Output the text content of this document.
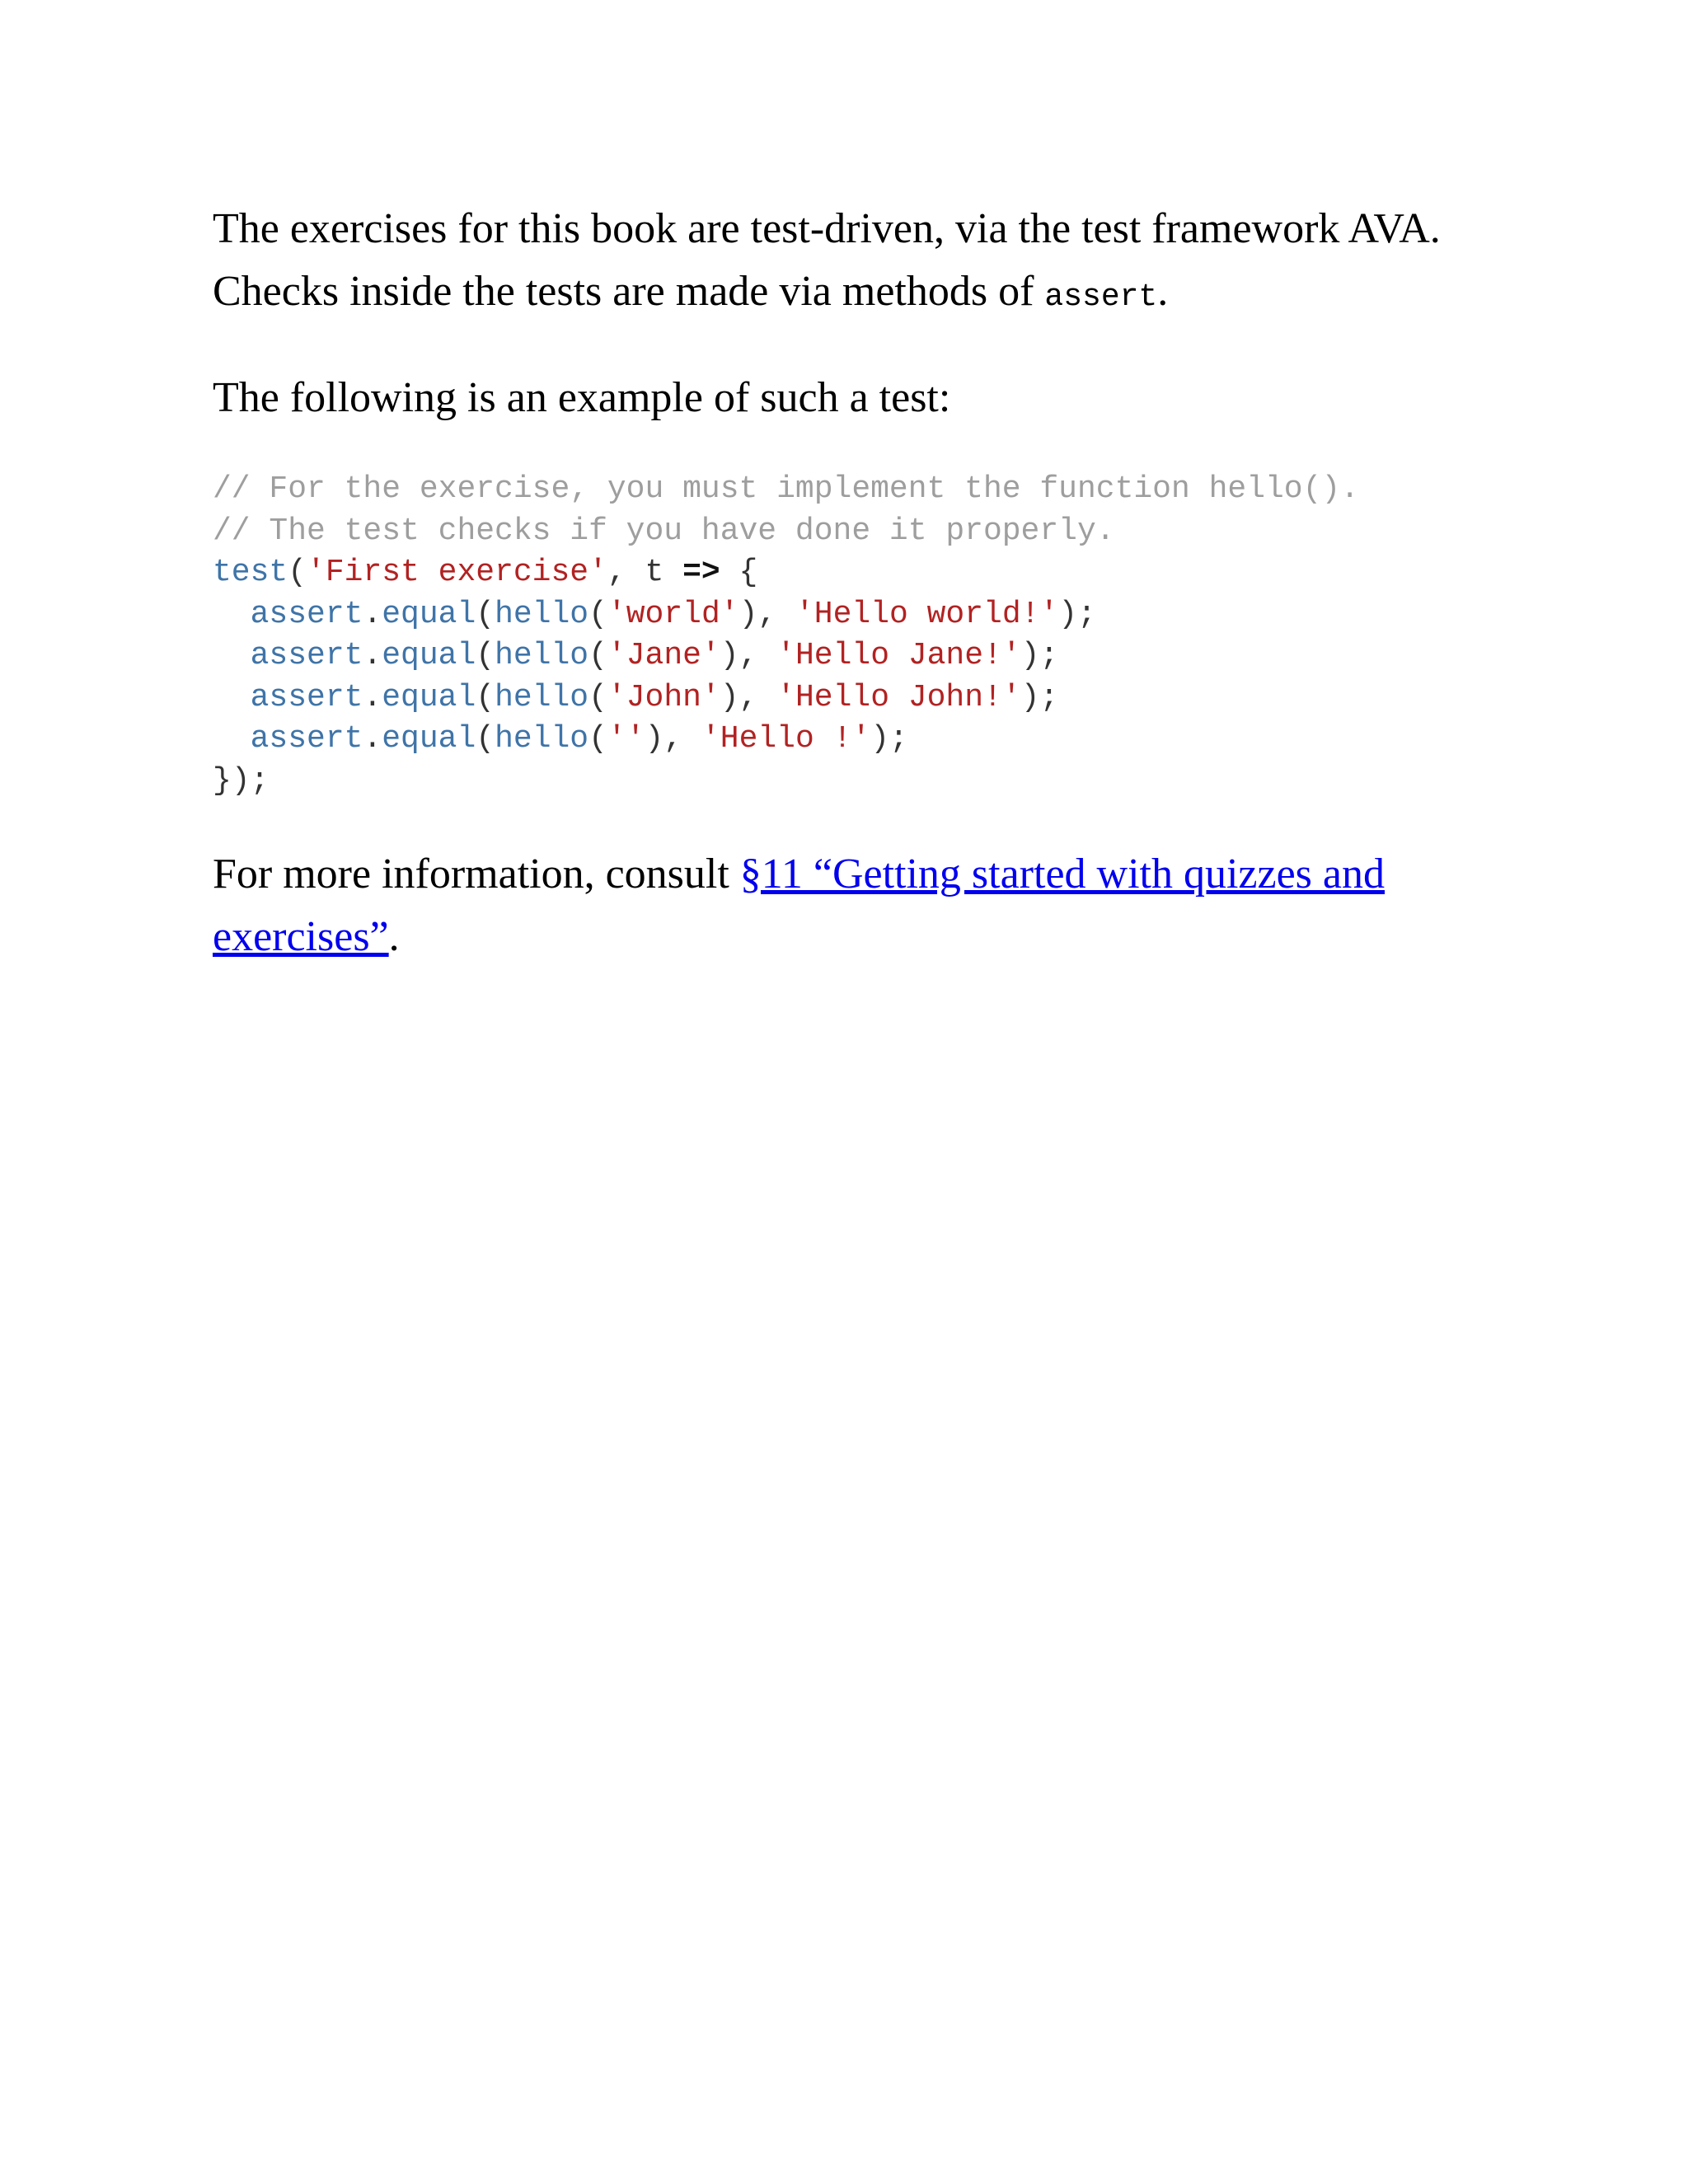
The exercises for this book are test-driven, via the test framework AVA. Checks inside the tests are made via methods of assert.

The following is an example of such a test:

// For the exercise, you must implement the function hello().
// The test checks if you have done it properly.
test('First exercise', t => {
assert.equal(hello('world'), 'Hello world!');
assert.equal(hello('Jane'), 'Hello Jane!');
assert.equal(hello('John'), 'Hello John!');
assert.equal(hello(''), 'Hello !');
});

For more information, consult §11 “Getting started with quizzes and exercises”.
